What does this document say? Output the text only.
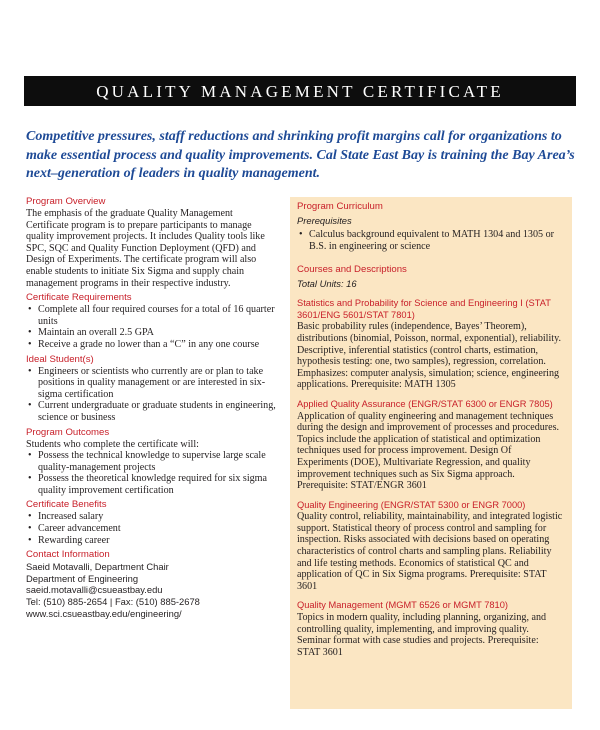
QUALITY MANAGEMENT CERTIFICATE
Competitive pressures, staff reductions and shrinking profit margins call for organizations to make essential process and quality improvements. Cal State East Bay is training the Bay Area’s next–generation of leaders in quality management.
Program Overview

The emphasis of the graduate Quality Management Certificate program is to prepare participants to manage quality improvement projects. It includes Quality tools like SPC, SQC and Quality Function Deployment (QFD) and Design of Experiments. The certificate program will also enable students to initiate Six Sigma and supply chain management programs in their respective industry.

Certificate Requirements
• Complete all four required courses for a total of 16 quarter units
• Maintain an overall 2.5 GPA
• Receive a grade no lower than a “C” in any one course
Ideal Student(s)
• Engineers or scientists who currently are or plan to take positions in quality management or are interested in six-sigma certification
• Current undergraduate or graduate students in engineering, science or business
Program Outcomes

Students who complete the certificate will:

• Possess the technical knowledge to supervise large scale quality-management projects
• Possess the theoretical knowledge required for six sigma quality improvement certification
Certificate Benefits
• Increased salary
• Career advancement
• Rewarding career
Contact Information
Saeid Motavalli, Department Chair
Department of Engineering
saeid.motavalli@csueastbay.edu
Tel: (510) 885-2654 | Fax: (510) 885-2678
www.sci.csueastbay.edu/engineering/
Program Curriculum
Prerequisites
• Calculus background equivalent to MATH 1304 and 1305 or B.S. in engineering or science
Courses and Descriptions
Total Units: 16
Statistics and Probability for Science and Engineering I (STAT 3601/ENG 5601/STAT 7801)

Basic probability rules (independence, Bayes’ Theorem), distributions (binomial, Poisson, normal, exponential), reliability. Descriptive, inferential statistics (control charts, estimation, hypothesis testing: one, two samples), regression, correlation. Emphasizes: computer analysis, simulation; science, engineering applications. Prerequisite: MATH 1305

Applied Quality Assurance (ENGR/STAT 6300 or ENGR 7805)

Application of quality engineering and management techniques during the design and improvement of processes and procedures. Topics include the application of statistical and optimization techniques used for process improvement. Design Of Experiments (DOE), Multivariate Regression, and quality improvement techniques such as Six Sigma approach. Prerequisite: STAT/ENGR 3601

Quality Engineering (ENGR/STAT 5300 or ENGR 7000)

Quality control, reliability, maintainability, and integrated logistic support. Statistical theory of process control and sampling for inspection. Risks associated with decisions based on operating characteristics of control charts and sampling plans. Reliability and life testing methods. Economics of statistical QC and application of QC in Six Sigma programs. Prerequisite: STAT 3601

Quality Management (MGMT 6526 or MGMT 7810)

Topics in modern quality, including planning, organizing, and controlling quality, implementing, and improving quality. Seminar format with case studies and projects. Prerequisite: STAT 3601
